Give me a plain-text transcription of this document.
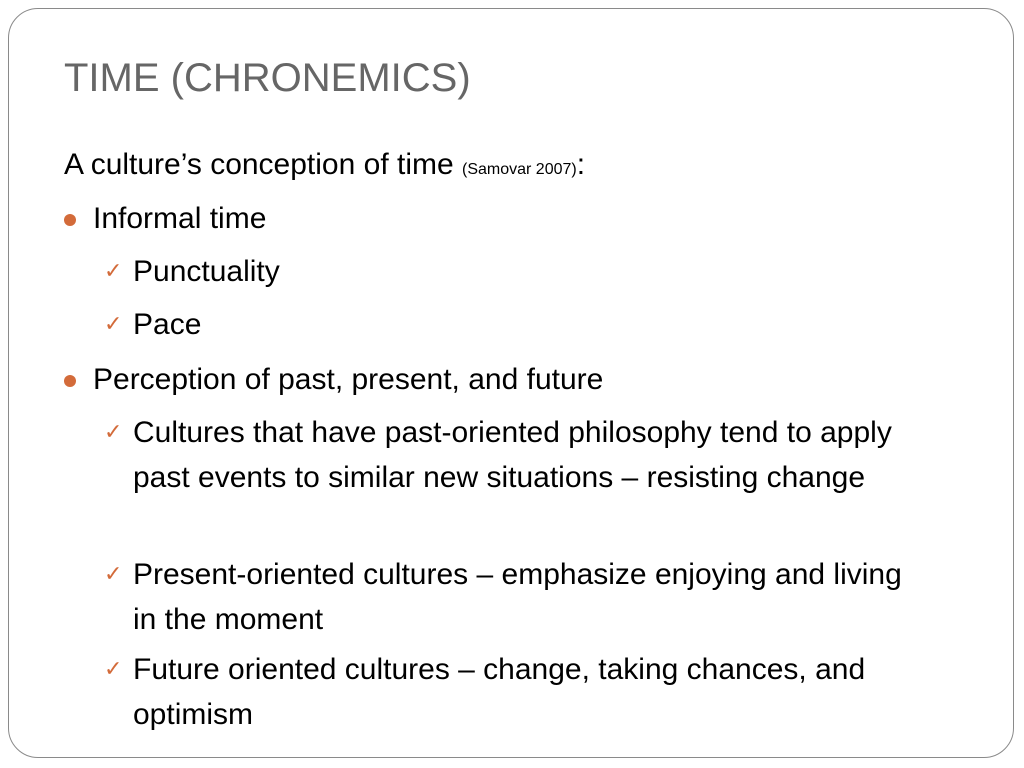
TIME (CHRONEMICS)
A culture’s conception of time (Samovar 2007):
Informal time
✓ Punctuality
✓ Pace
Perception of past, present, and future
✓ Cultures that have past-oriented philosophy tend to apply past events to similar new situations – resisting change
✓ Present-oriented cultures – emphasize enjoying and living in the moment
✓ Future oriented cultures – change, taking chances, and optimism
